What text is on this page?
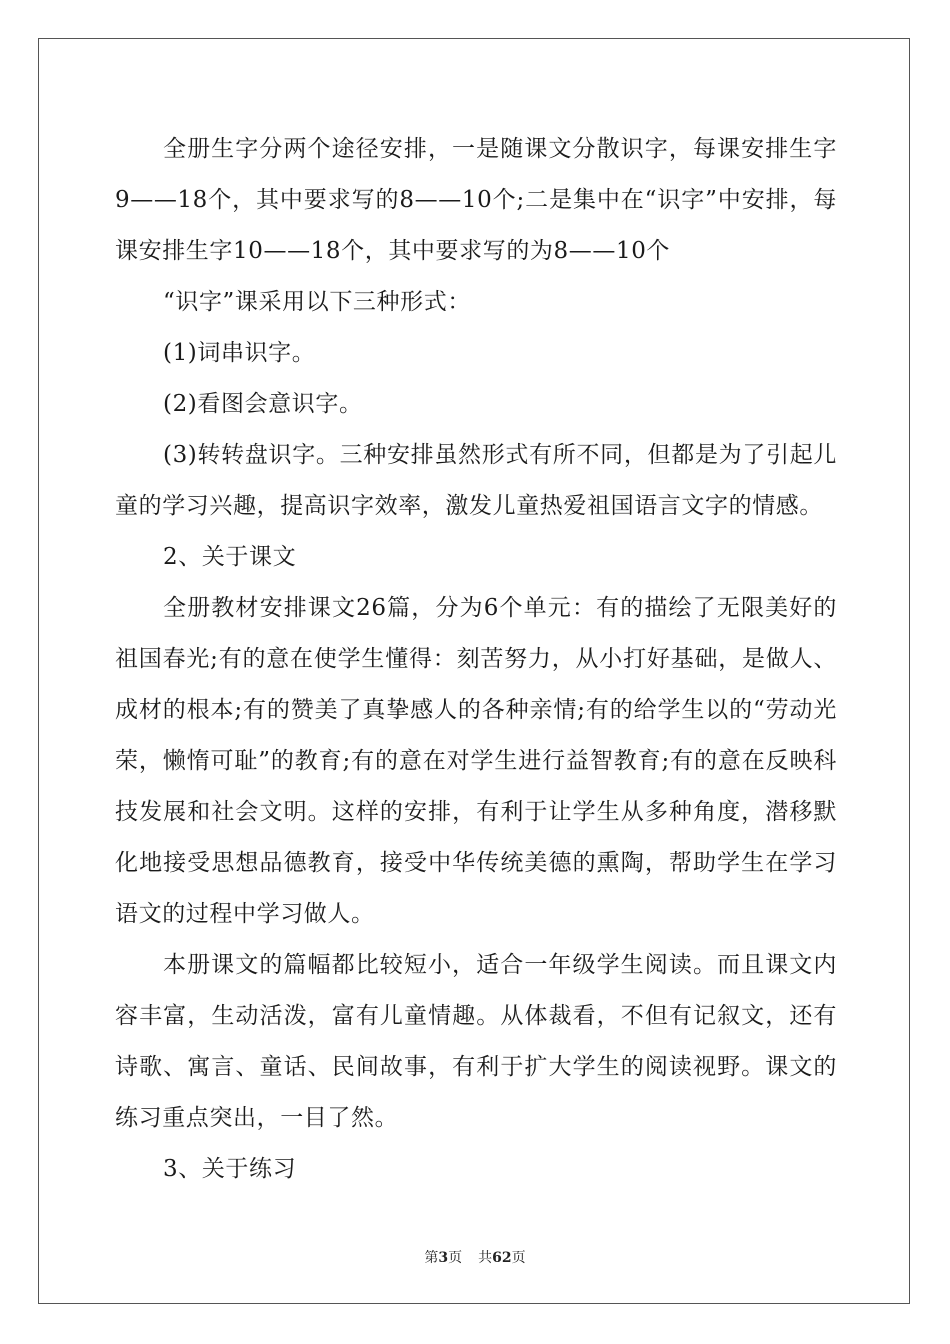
全册生字分两个途径安排，一是随课文分散识字，每课安排生字9——18个，其中要求写的8——10个;二是集中在“识字”中安排，每课安排生字10——18个，其中要求写的为8——10个

“识字”课采用以下三种形式：

(1)词串识字。

(2)看图会意识字。

(3)转转盘识字。三种安排虽然形式有所不同，但都是为了引起儿童的学习兴趣，提高识字效率，激发儿童热爱祖国语言文字的情感。

2、关于课文

全册教材安排课文26篇，分为6个单元：有的描绘了无限美好的祖国春光;有的意在使学生懂得：刻苦努力，从小打好基础，是做人、成材的根本;有的赞美了真挚感人的各种亲情;有的给学生以的“劳动光荣，懒惰可耻”的教育;有的意在对学生进行益智教育;有的意在反映科技发展和社会文明。这样的安排，有利于让学生从多种角度，潜移默化地接受思想品德教育，接受中华传统美德的熏陶，帮助学生在学习语文的过程中学习做人。

本册课文的篇幅都比较短小，适合一年级学生阅读。而且课文内容丰富，生动活泼，富有儿童情趣。从体裁看，不但有记叙文，还有诗歌、寓言、童话、民间故事，有利于扩大学生的阅读视野。课文的练习重点突出，一目了然。

3、关于练习

第3页 共62页
